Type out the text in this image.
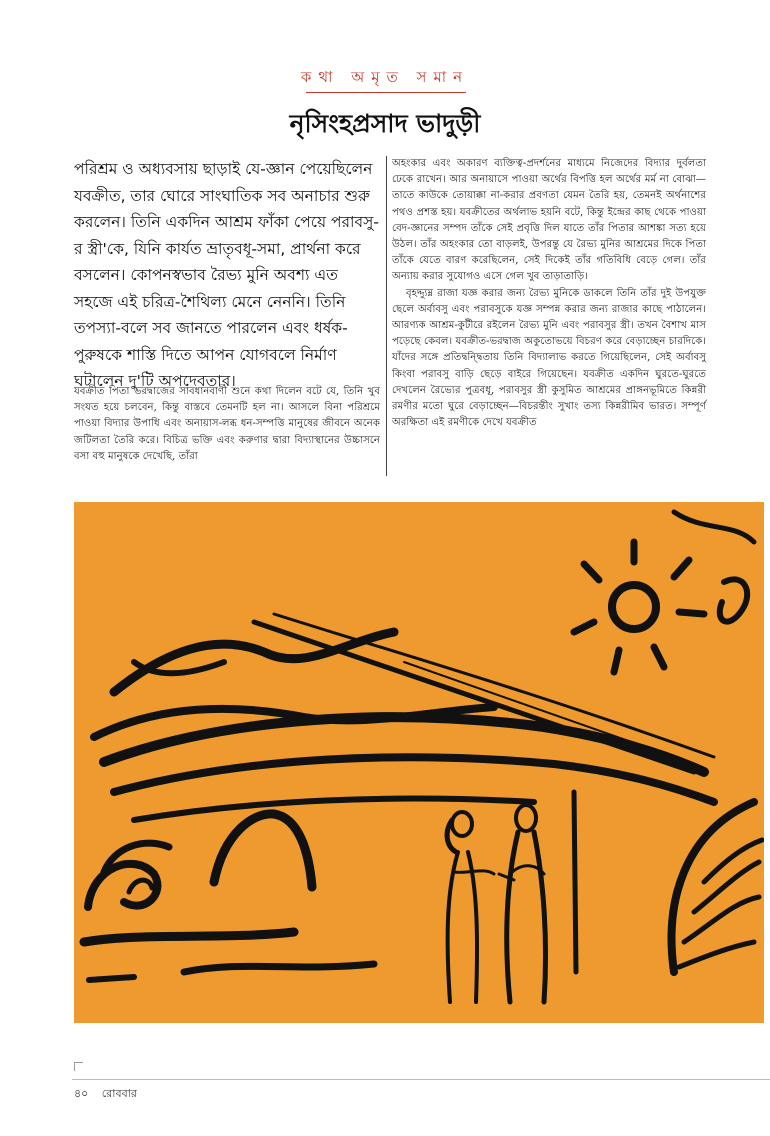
কথা অমৃত সমান
নৃসিংহপ্রসাদ ভাদুড়ী
পরিশ্রম ও অধ্যবসায় ছাড়াই যে-জ্ঞান পেয়েছিলেন যবক্রীত, তার ঘোরে সাংঘাতিক সব অনাচার শুরু করলেন। তিনি একদিন আশ্রম ফাঁকা পেয়ে পরাবসু-র স্ত্রী'কে, যিনি কার্যত ভ্রাতৃবধূ-সমা, প্রার্থনা করে বসলেন। কোপনস্বভাব রৈভ্য মুনি অবশ্য এত সহজে এই চরিত্র-শৈথিল্য মেনে নেননি। তিনি তপস্যা-বলে সব জানতে পারলেন এবং ধর্ষক-পুরুষকে শাস্তি দিতে আপন যোগবলে নির্মাণ ঘটালেন দু'টি অপদেবতার।

যবক্রীত পিতা ভরদ্বাজের সাবধানবাণী শুনে কথা দিলেন বটে যে, তিনি খুব সংযত হয়ে চলবেন, কিন্তু বাস্তবে তেমনটি হল না। আসলে বিনা পরিশ্রমে পাওয়া বিদ্যার উপাধি এবং অনায়াস-লব্ধ ধন-সম্পত্তি মানুষের জীবনে অনেক জটিলতা তৈরি করে। বিচিত্র ভক্তি এবং করুণার দ্বারা বিদ্যাস্থানের উচ্চাসনে বসা বহু মানুষকে দেখেছি, তাঁরা

অহংকার এবং অকারণ ব্যক্তিত্ব-প্রদর্শনের মাধ্যমে নিজেদের বিদ্যার দুর্বলতা ঢেকে রাখেন। আর অনায়াসে পাওয়া অর্থের বিপত্তি হল অর্থের মর্ম না বোঝা—তাতে কাউকে তোয়াক্কা না-করার প্রবণতা যেমন তৈরি হয়, তেমনই অর্থনাশের পথও প্রশস্ত হয়। যবক্রীতের অর্থলাভ হয়নি বটে, কিন্তু ইন্দ্রের কাছ থেকে পাওয়া বেদ-জ্ঞানের সম্পদ তাঁকে সেই প্রবৃত্তি দিল যাতে তাঁর পিতার আশঙ্কা সত্য হয়ে উঠল। তাঁর অহংকার তো বাড়লই, উপরন্তু যে রৈভ্য মুনির আশ্রমের দিকে পিতা তাঁকে যেতে বারণ করেছিলেন, সেই দিকেই তাঁর গতিবিধি বেড়ে গেল। তাঁর অন্যায় করার সুযোগও এসে গেল খুব তাড়াতাড়ি।

বৃহদ্দ্যুম্ন রাজা যজ্ঞ করার জন্য রৈভ্য মুনিকে ডাকলে তিনি তাঁর দুই উপযুক্ত ছেলে অর্বাবসু এবং পরাবসুকে যজ্ঞ সম্পন্ন করার জন্য রাজার কাছে পাঠালেন। আরণ্যক আশ্রম-কুটীরে রইলেন রৈভ্য মুনি এবং পরাবসুর স্ত্রী। তখন বৈশাখ মাস পড়েছে কেবল। যবক্রীত-ভরদ্বাজ অকুতোভয়ে বিচরণ করে বেড়াচ্ছেন চারদিকে। যাঁদের সঙ্গে প্রতিদ্বন্দ্বিতায় তিনি বিদ্যালাভ করতে গিয়েছিলেন, সেই অর্বাবসু কিংবা পরাবসু বাড়ি ছেড়ে বাইরে গিয়েছেন। যবক্রীত একদিন ঘুরতে-ঘুরতে দেখলেন রৈভ্যের পুত্রবধূ, পরাবসুর স্ত্রী কুসুমিত আশ্রমের প্রাঙ্গনভূমিতে কিন্নরী রমণীর মতো ঘুরে বেড়াচ্ছেন—বিচরন্তীং সুখাং তস্য কিন্নরীমিব ভারত। সম্পূর্ণ অরক্ষিতা এই রমণীকে দেখে যবক্রীত

৪০ রোববার
